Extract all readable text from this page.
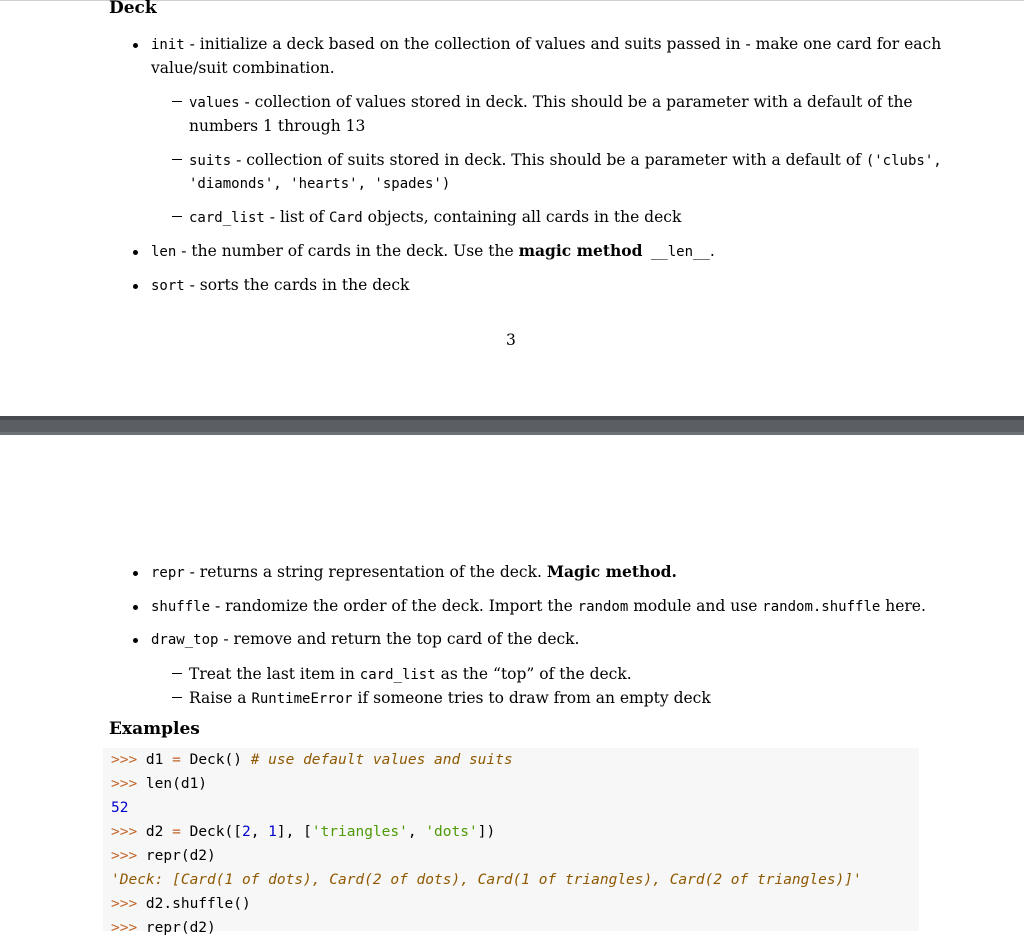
Deck
init - initialize a deck based on the collection of values and suits passed in - make one card for each
value/suit combination.
values - collection of values stored in deck. This should be a parameter with a default of the
numbers 1 through 13
suits - collection of suits stored in deck. This should be a parameter with a default of ('clubs',
'diamonds', 'hearts', 'spades')
card_list - list of Card objects, containing all cards in the deck
len - the number of cards in the deck. Use the magic method __len__.
sort - sorts the cards in the deck
3
repr - returns a string representation of the deck. Magic method.
shuffle - randomize the order of the deck. Import the random module and use random.shuffle here.
draw_top - remove and return the top card of the deck.
Treat the last item in card_list as the “top” of the deck.
Raise a RuntimeError if someone tries to draw from an empty deck
Examples
>>> d1 = Deck() # use default values and suits
>>> len(d1)
52
>>> d2 = Deck([2, 1], ['triangles', 'dots'])
>>> repr(d2)
'Deck: [Card(1 of dots), Card(2 of dots), Card(1 of triangles), Card(2 of triangles)]'
>>> d2.shuffle()
>>> repr(d2)
